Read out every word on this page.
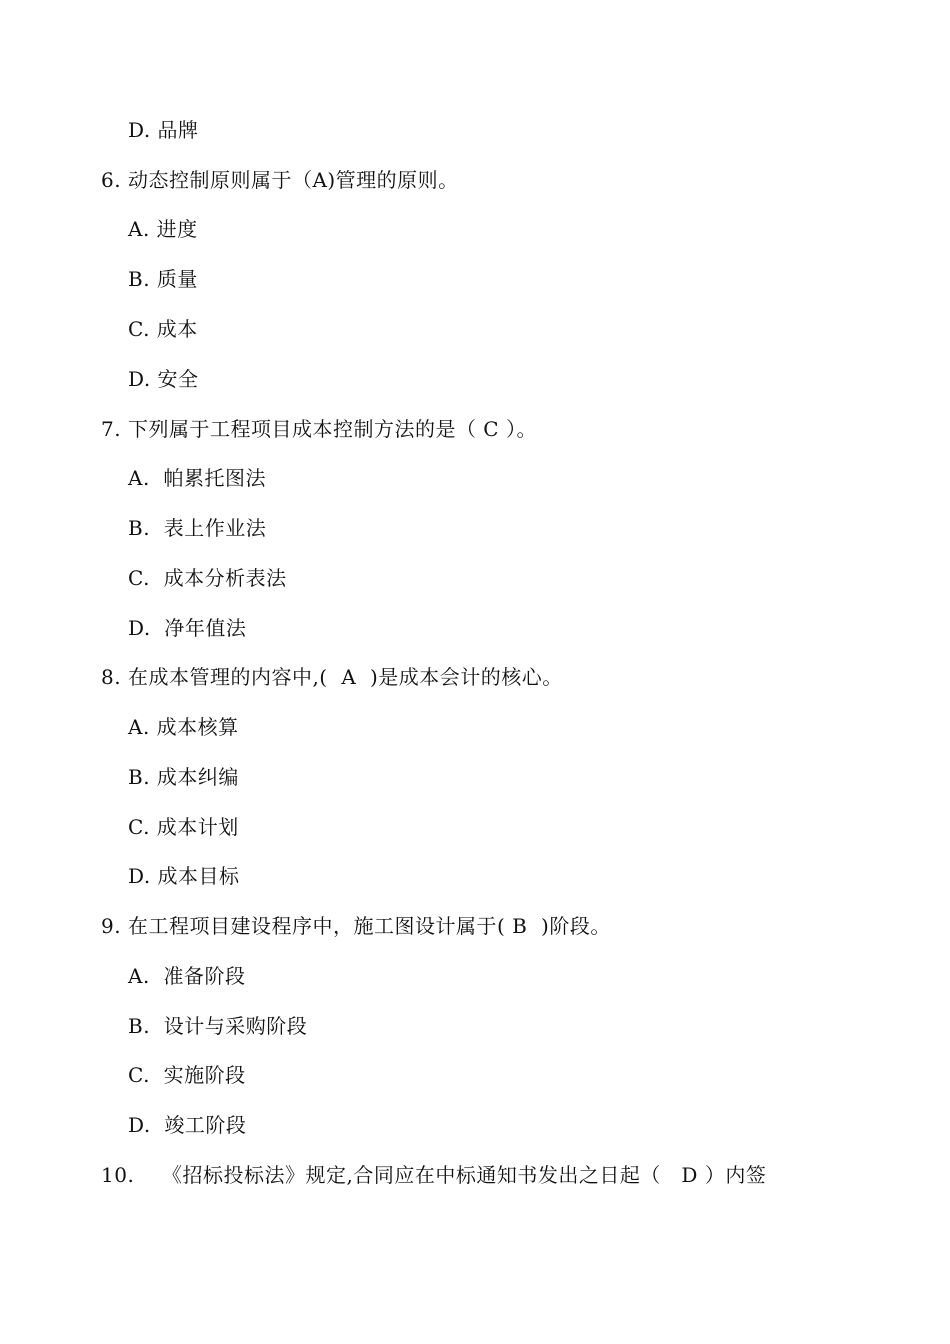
D. 品牌
6. 动态控制原则属于（A)管理的原则。
A. 进度
B. 质量
C. 成本
D. 安全
7. 下列属于工程项目成本控制方法的是（ C ）。
A.  帕累托图法
B.  表上作业法
C.  成本分析表法
D.  净年值法
8. 在成本管理的内容中,(  A  )是成本会计的核心。
A. 成本核算
B. 成本纠编
C. 成本计划
D. 成本目标
9. 在工程项目建设程序中，施工图设计属于( B  )阶段。
A.  准备阶段
B.  设计与采购阶段
C.  实施阶段
D.  竣工阶段
10. 《招标投标法》规定,合同应在中标通知书发出之日起（   D ）内签
